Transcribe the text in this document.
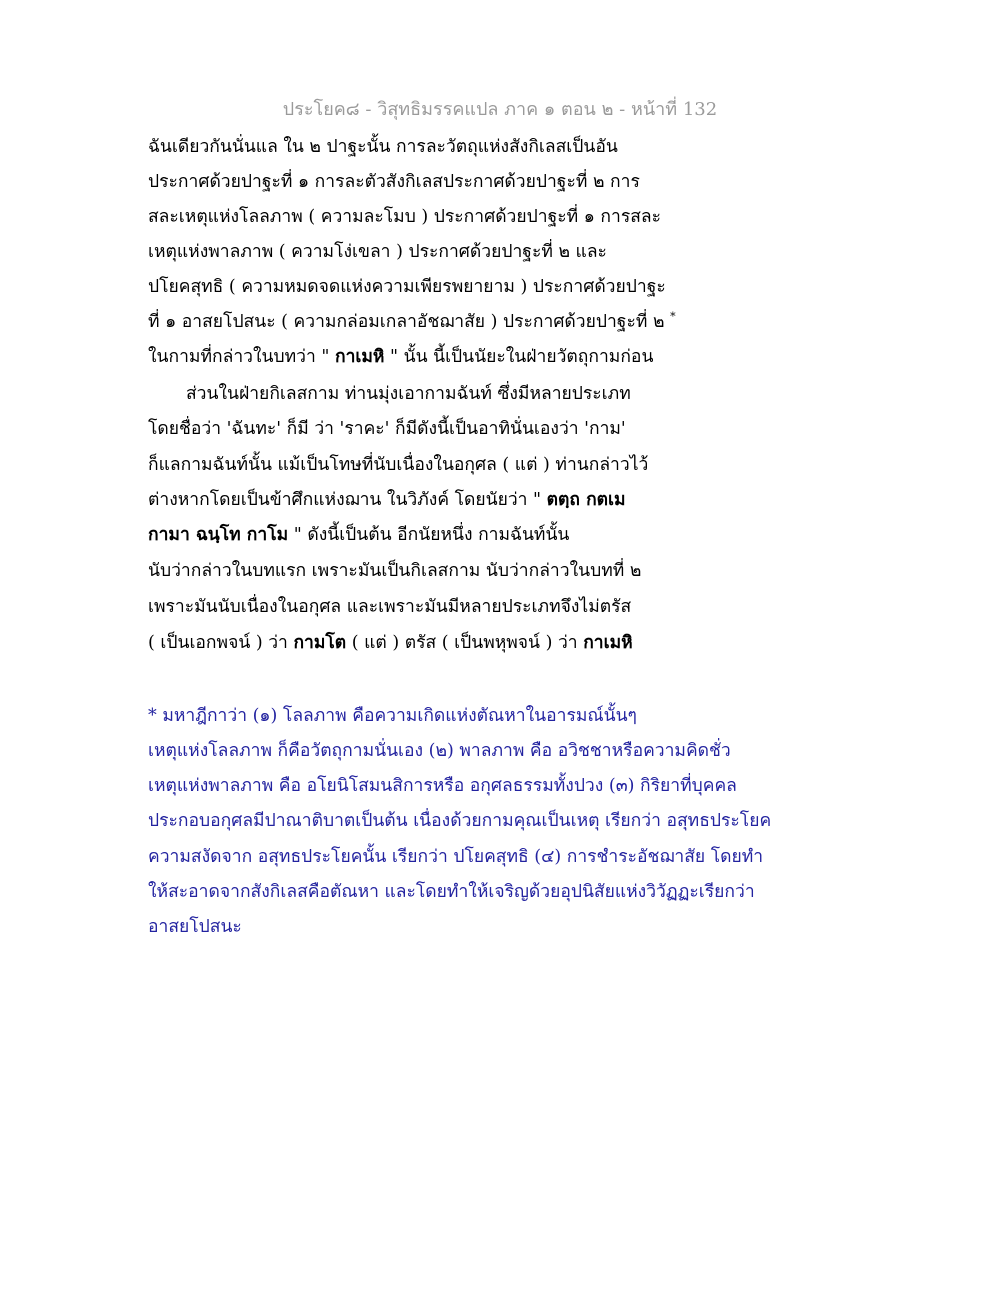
ประโยค๘ - วิสุทธิมรรคแปล ภาค ๑ ตอน ๒ - หน้าที่ 132
ฉันเดียวกันนั่นแล ใน ๒ ปาฐะนั้น การละวัตถุแห่งสังกิเลสเป็นอัน
ประกาศด้วยปาฐะที่ ๑ การละตัวสังกิเลสประกาศด้วยปาฐะที่ ๒ การ
สละเหตุแห่งโลลภาพ ( ความละโมบ ) ประกาศด้วยปาฐะที่ ๑ การสละ
เหตุแห่งพาลภาพ ( ความโง่เขลา ) ประกาศด้วยปาฐะที่ ๒ และ
ปโยคสุทธิ ( ความหมดจดแห่งความเพียรพยายาม ) ประกาศด้วยปาฐะ
ที่ ๑ อาสยโปสนะ ( ความกล่อมเกลาอัชฌาสัย ) ประกาศด้วยปาฐะที่ ๒ *
ในกามที่กล่าวในบทว่า " กาเมหิ " นั้น นี้เป็นนัยะในฝ่ายวัตถุกามก่อน
ส่วนในฝ่ายกิเลสกาม ท่านมุ่งเอากามฉันท์ ซึ่งมีหลายประเภท
โดยชื่อว่า 'ฉันทะ' ก็มี ว่า 'ราคะ' ก็มีดังนี้เป็นอาทินั่นเองว่า 'กาม'
ก็แลกามฉันท์นั้น แม้เป็นโทษที่นับเนื่องในอกุศล ( แต่ ) ท่านกล่าวไว้
ต่างหากโดยเป็นข้าศึกแห่งฌาน ในวิภังค์ โดยนัยว่า " ตตฺถ กตเม
กามา ฉนฺโท กาโม " ดังนี้เป็นต้น อีกนัยหนึ่ง กามฉันท์นั้น
นับว่ากล่าวในบทแรก เพราะมันเป็นกิเลสกาม นับว่ากล่าวในบทที่ ๒
เพราะมันนับเนื่องในอกุศล และเพราะมันมีหลายประเภทจึงไม่ตรัส
( เป็นเอกพจน์ ) ว่า กามโต ( แต่ ) ตรัส ( เป็นพหุพจน์ ) ว่า กาเมหิ
* มหาฎีกาว่า (๑) โลลภาพ คือความเกิดแห่งตัณหาในอารมณ์นั้นๆ
เหตุแห่งโลลภาพ ก็คือวัตถุกามนั่นเอง (๒) พาลภาพ คือ อวิชชาหรือความคิดชั่ว
เหตุแห่งพาลภาพ คือ อโยนิโสมนสิการหรือ อกุศลธรรมทั้งปวง (๓) กิริยาที่บุคคล
ประกอบอกุศลมีปาณาติบาตเป็นต้น เนื่องด้วยกามคุณเป็นเหตุ เรียกว่า อสุทธประโยค
ความสงัดจาก อสุทธประโยคนั้น เรียกว่า ปโยคสุทธิ (๔) การชำระอัชฌาสัย โดยทำ
ให้สะอาดจากสังกิเลสคือตัณหา และโดยทำให้เจริญด้วยอุปนิสัยแห่งวิวัฏฏะเรียกว่า
อาสยโปสนะ
